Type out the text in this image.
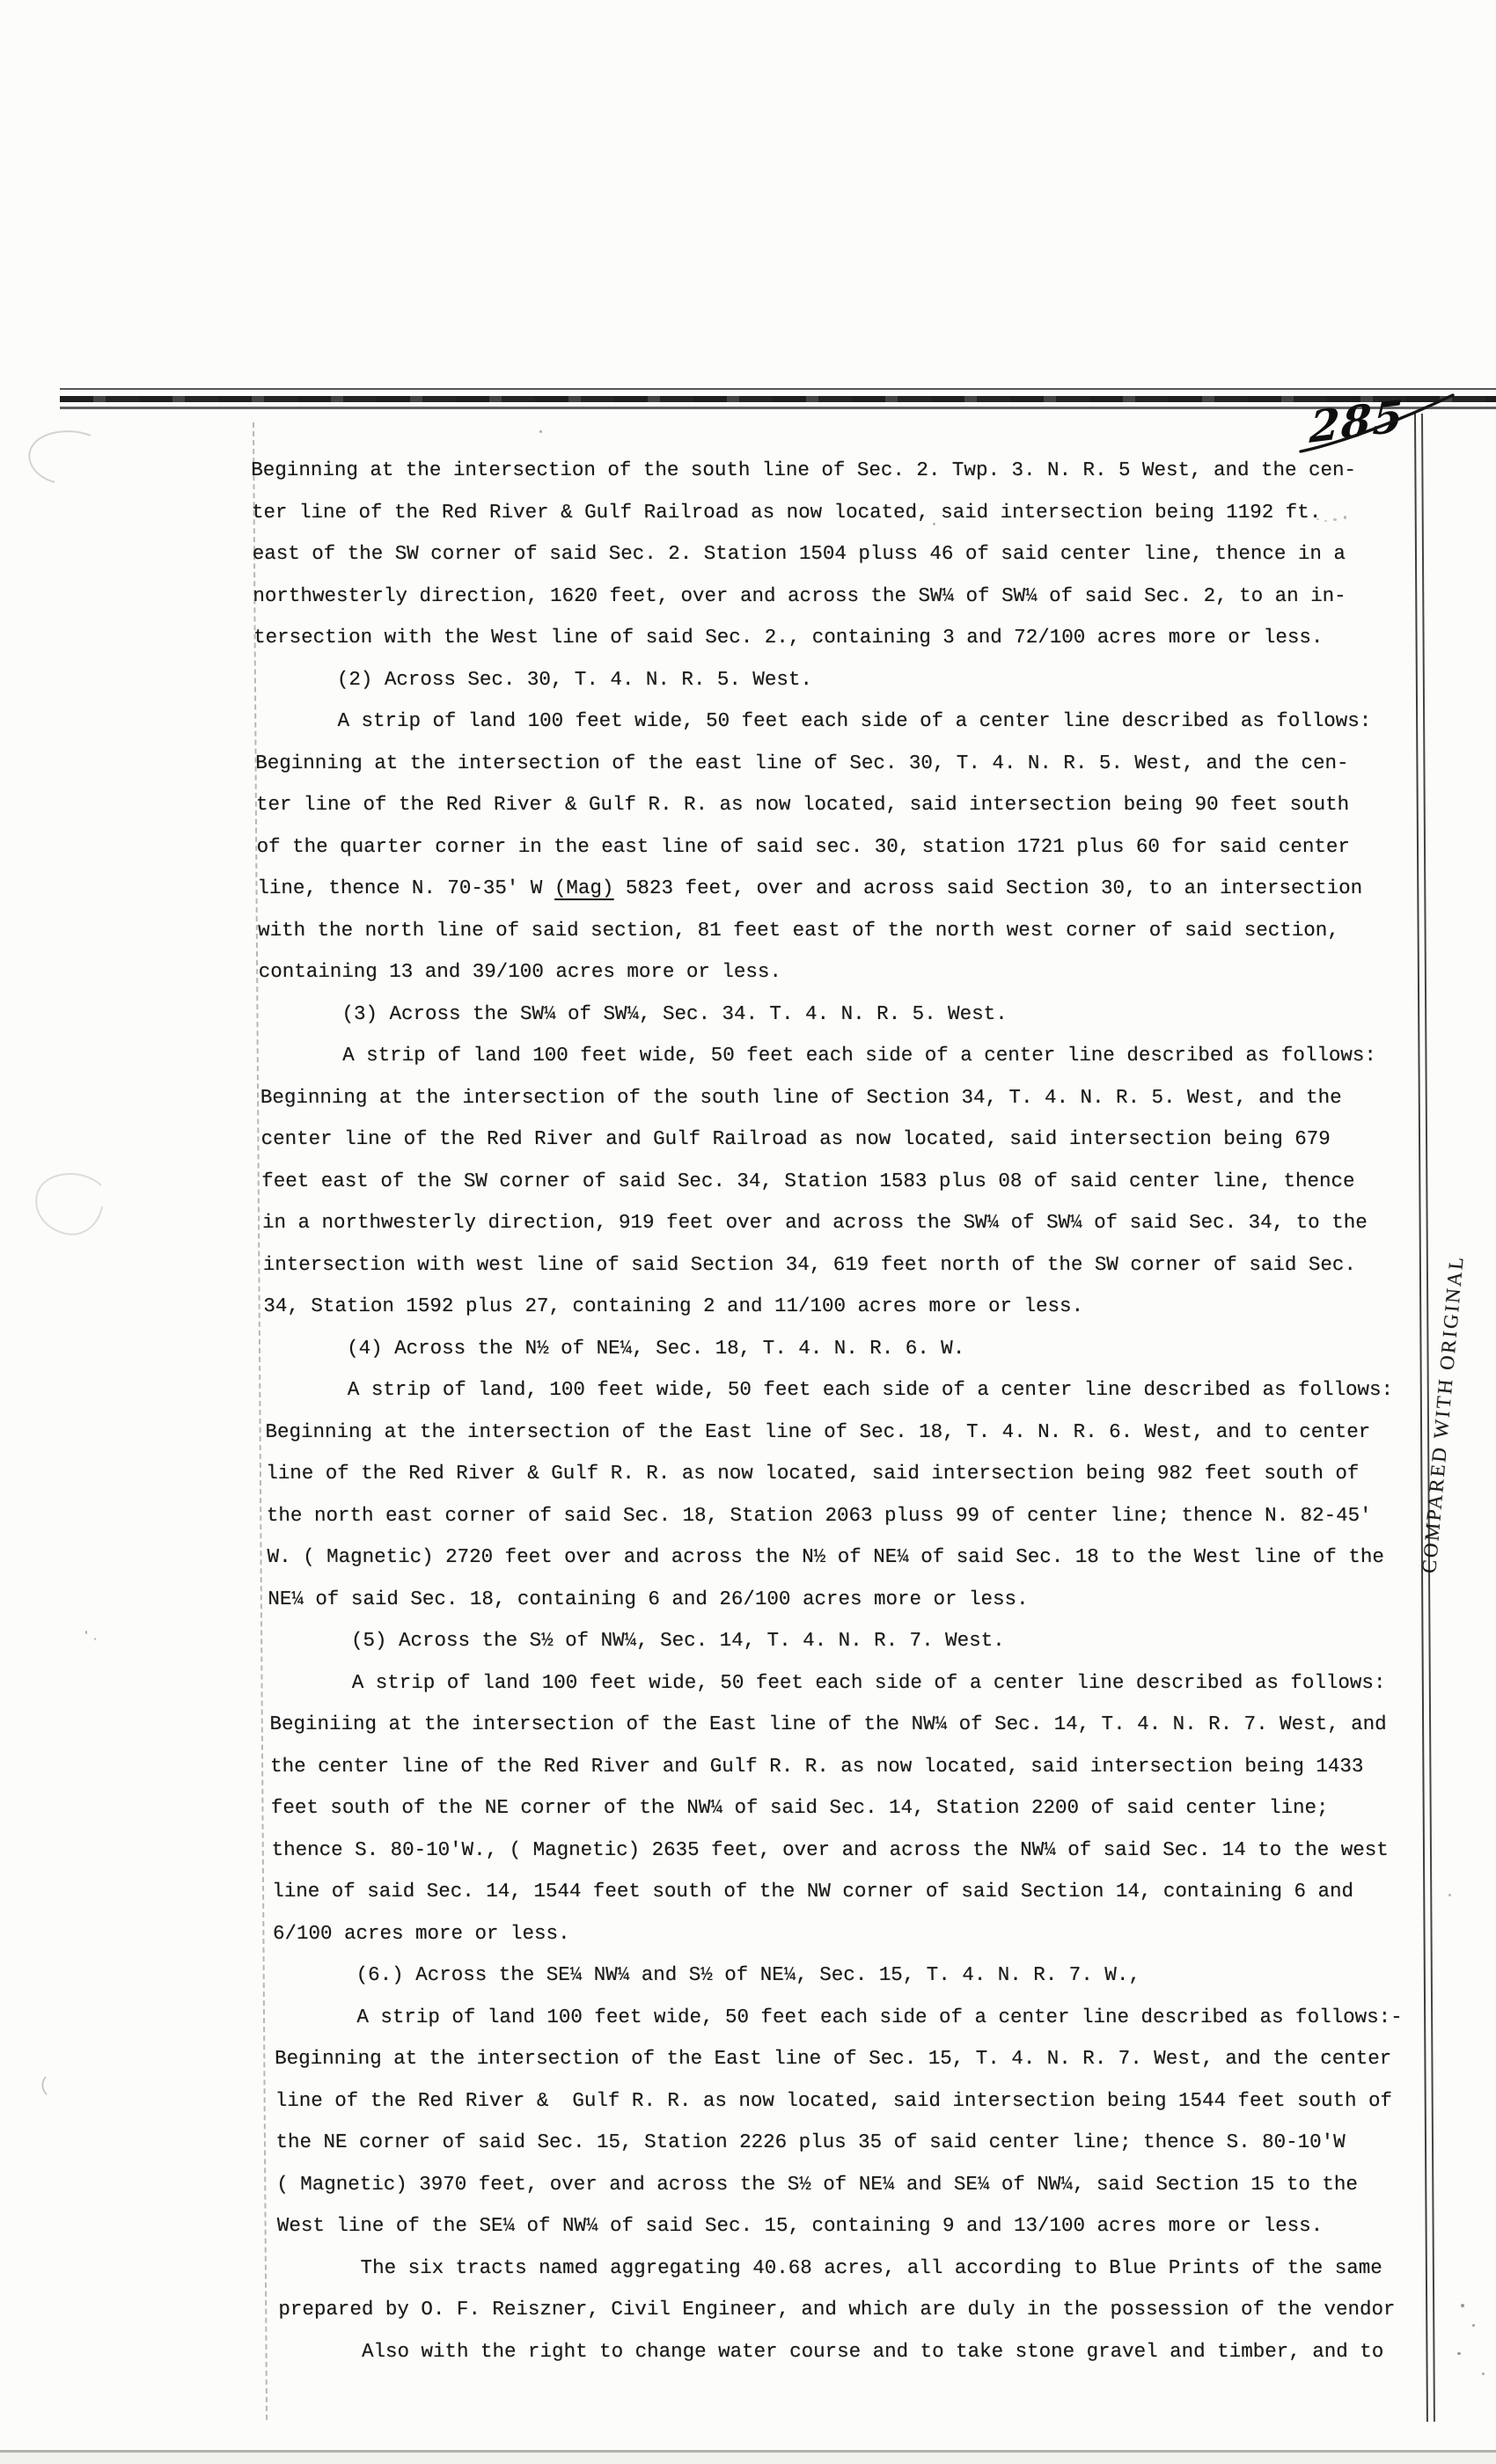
285
COMPARED WITH ORIGINAL
Beginning at the intersection of the south line of Sec. 2. Twp. 3. N. R. 5 West, and the cen-
ter line of the Red River & Gulf Railroad as now located, said intersection being 1192 ft.
east of the SW corner of said Sec. 2. Station 1504 pluss 46 of said center line, thence in a
northwesterly direction, 1620 feet, over and across the SW¼ of SW¼ of said Sec. 2, to an in-
tersection with the West line of said Sec. 2., containing 3 and 72/100 acres more or less.
(2) Across Sec. 30, T. 4. N. R. 5. West.
A strip of land 100 feet wide, 50 feet each side of a center line described as follows:
Beginning at the intersection of the east line of Sec. 30, T. 4. N. R. 5. West, and the cen-
ter line of the Red River & Gulf R. R. as now located, said intersection being 90 feet south
of the quarter corner in the east line of said sec. 30, station 1721 plus 60 for said center
line, thence N. 70-35' W (Mag) 5823 feet, over and across said Section 30, to an intersection
with the north line of said section, 81 feet east of the north west corner of said section,
containing 13 and 39/100 acres more or less.
(3) Across the SW¼ of SW¼, Sec. 34. T. 4. N. R. 5. West.
A strip of land 100 feet wide, 50 feet each side of a center line described as follows:
Beginning at the intersection of the south line of Section 34, T. 4. N. R. 5. West, and the
center line of the Red River and Gulf Railroad as now located, said intersection being 679
feet east of the SW corner of said Sec. 34, Station 1583 plus 08 of said center line, thence
in a northwesterly direction, 919 feet over and across the SW¼ of SW¼ of said Sec. 34, to the
intersection with west line of said Section 34, 619 feet north of the SW corner of said Sec.
34, Station 1592 plus 27, containing 2 and 11/100 acres more or less.
(4) Across the N½ of NE¼, Sec. 18, T. 4. N. R. 6. W.
A strip of land, 100 feet wide, 50 feet each side of a center line described as follows:
Beginning at the intersection of the East line of Sec. 18, T. 4. N. R. 6. West, and to center
line of the Red River & Gulf R. R. as now located, said intersection being 982 feet south of
the north east corner of said Sec. 18, Station 2063 pluss 99 of center line; thence N. 82-45'
W. ( Magnetic) 2720 feet over and across the N½ of NE¼ of said Sec. 18 to the West line of the
NE¼ of said Sec. 18, containing 6 and 26/100 acres more or less.
(5) Across the S½ of NW¼, Sec. 14, T. 4. N. R. 7. West.
A strip of land 100 feet wide, 50 feet each side of a center line described as follows:
Beginiing at the intersection of the East line of the NW¼ of Sec. 14, T. 4. N. R. 7. West, and
the center line of the Red River and Gulf R. R. as now located, said intersection being 1433
feet south of the NE corner of the NW¼ of said Sec. 14, Station 2200 of said center line;
thence S. 80-10'W., ( Magnetic) 2635 feet, over and across the NW¼ of said Sec. 14 to the west
line of said Sec. 14, 1544 feet south of the NW corner of said Section 14, containing 6 and
6/100 acres more or less.
(6.) Across the SE¼ NW¼ and S½ of NE¼, Sec. 15, T. 4. N. R. 7. W.,
A strip of land 100 feet wide, 50 feet each side of a center line described as follows:-
Beginning at the intersection of the East line of Sec. 15, T. 4. N. R. 7. West, and the center
line of the Red River &  Gulf R. R. as now located, said intersection being 1544 feet south of
the NE corner of said Sec. 15, Station 2226 plus 35 of said center line; thence S. 80-10'W
( Magnetic) 3970 feet, over and across the S½ of NE¼ and SE¼ of NW¼, said Section 15 to the
West line of the SE¼ of NW¼ of said Sec. 15, containing 9 and 13/100 acres more or less.
The six tracts named aggregating 40.68 acres, all according to Blue Prints of the same
prepared by O. F. Reiszner, Civil Engineer, and which are duly in the possession of the vendor
Also with the right to change water course and to take stone gravel and timber, and to
